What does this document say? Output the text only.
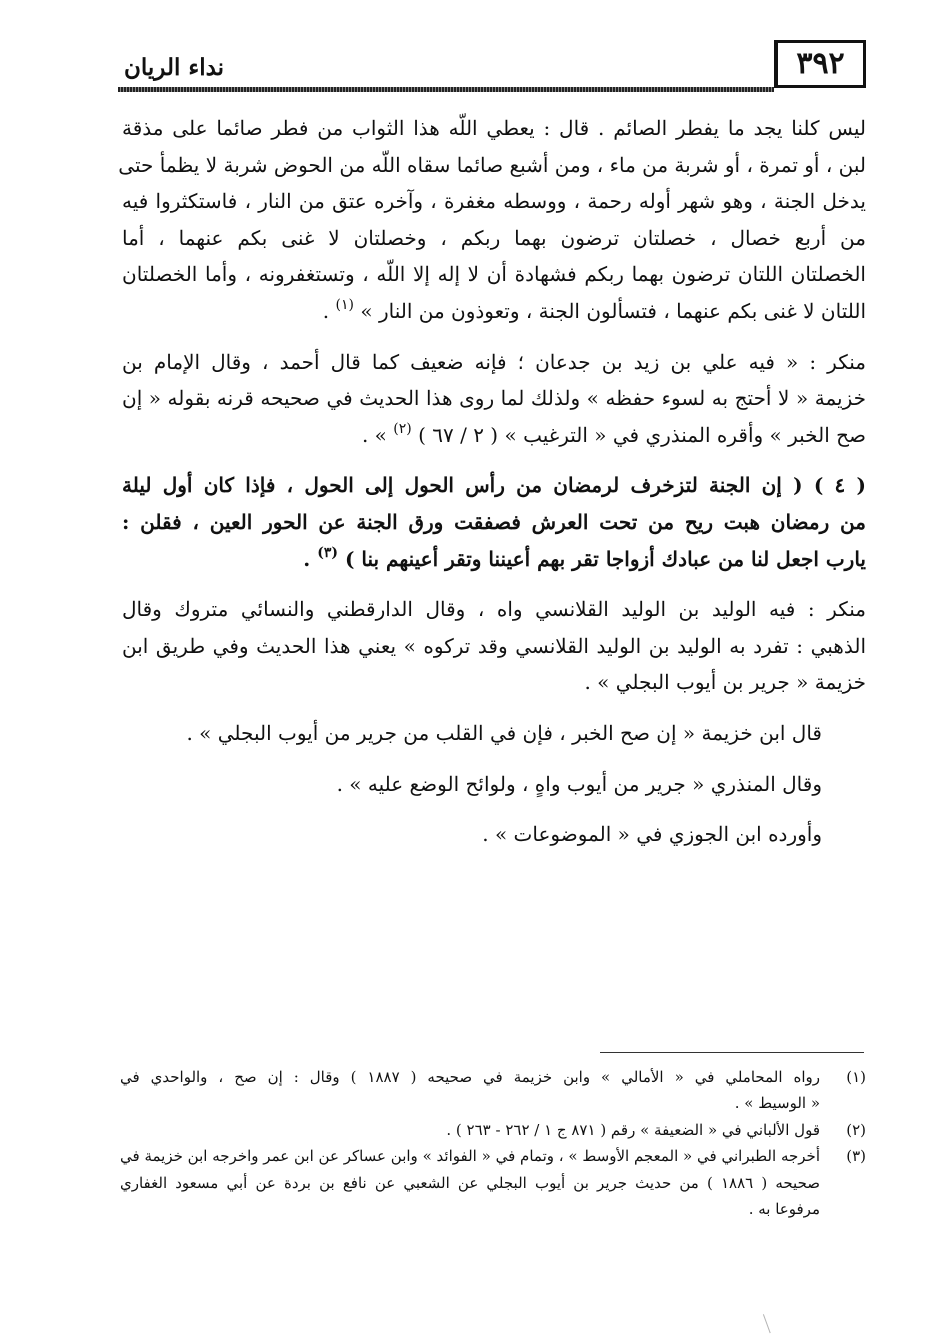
٣٩٢
نداء الريان

ليس كلنا يجد ما يفطر الصائم . قال : يعطي اللّه هذا الثواب من فطر صائما على مذقة
لبن ، أو تمرة ، أو شربة من ماء ، ومن أشبع صائما سقاه اللّه من الحوض شربة لا يظمأ حتى
يدخل الجنة ، وهو شهر أوله رحمة ، ووسطه مغفرة ، وآخره عتق من النار ، فاستكثروا فيه
من أربع خصال ، خصلتان ترضون بهما ربكم ، وخصلتان لا غنى بكم عنهما ، أما
الخصلتان اللتان ترضون بهما ربكم فشهادة أن لا إله إلا اللّه ، وتستغفرونه ، وأما الخصلتان
اللتان لا غنى بكم عنهما ، فتسألون الجنة ، وتعوذون من النار » $^{(١)}$ .

منكر : « فيه علي بن زيد بن جدعان ؛ فإنه ضعيف كما قال أحمد ، وقال الإمام بن
خزيمة « لا أحتج به لسوء حفظه » ولذلك لما روى هذا الحديث في صحيحه قرنه بقوله « إن
صح الخبر » وأقره المنذري في « الترغيب » ( ٢ / ٦٧ ) $^{(٢)}$ » .

( ٤ ) ( إن الجنة لتزخرف لرمضان من رأس الحول إلى الحول ، فإذا كان أول ليلة
من رمضان هبت ريح من تحت العرش فصفقت ورق الجنة عن الحور العين ، فقلن :
يارب اجعل لنا من عبادك أزواجا تقر بهم أعيننا وتقر أعينهم بنا ) $^{(٣)}$ .

منكر : فيه الوليد بن الوليد القلانسي واه ، وقال الدارقطني والنسائي متروك وقال
الذهبي : تفرد به الوليد بن الوليد القلانسي وقد تركوه » يعني هذا الحديث وفي طريق ابن
خزيمة « جرير بن أيوب البجلي » .

قال ابن خزيمة « إن صح الخبر ، فإن في القلب من جرير من أيوب البجلي » .

وقال المنذري « جرير من أيوب واهٍ ، ولوائح الوضع عليه » .

وأورده ابن الجوزي في « الموضوعات » .

(١)
رواه المحاملي في « الأمالي » وابن خزيمة في صحيحه ( ١٨٨٧ ) وقال : إن صح ، والواحدي في
« الوسيط » .
(٢)
قول الألباني في « الضعيفة » رقم ( ٨٧١ ج ١ / ٢٦٢ - ٢٦٣ ) .
(٣)
أخرجه الطبراني في « المعجم الأوسط » ، وتمام في « الفوائد » وابن عساكر عن ابن عمر واخرجه ابن خزيمة في
صحيحه ( ١٨٨٦ ) من حديث جرير بن أيوب البجلي عن الشعبي عن نافع بن بردة عن أبي مسعود الغفاري
مرفوعا به .
